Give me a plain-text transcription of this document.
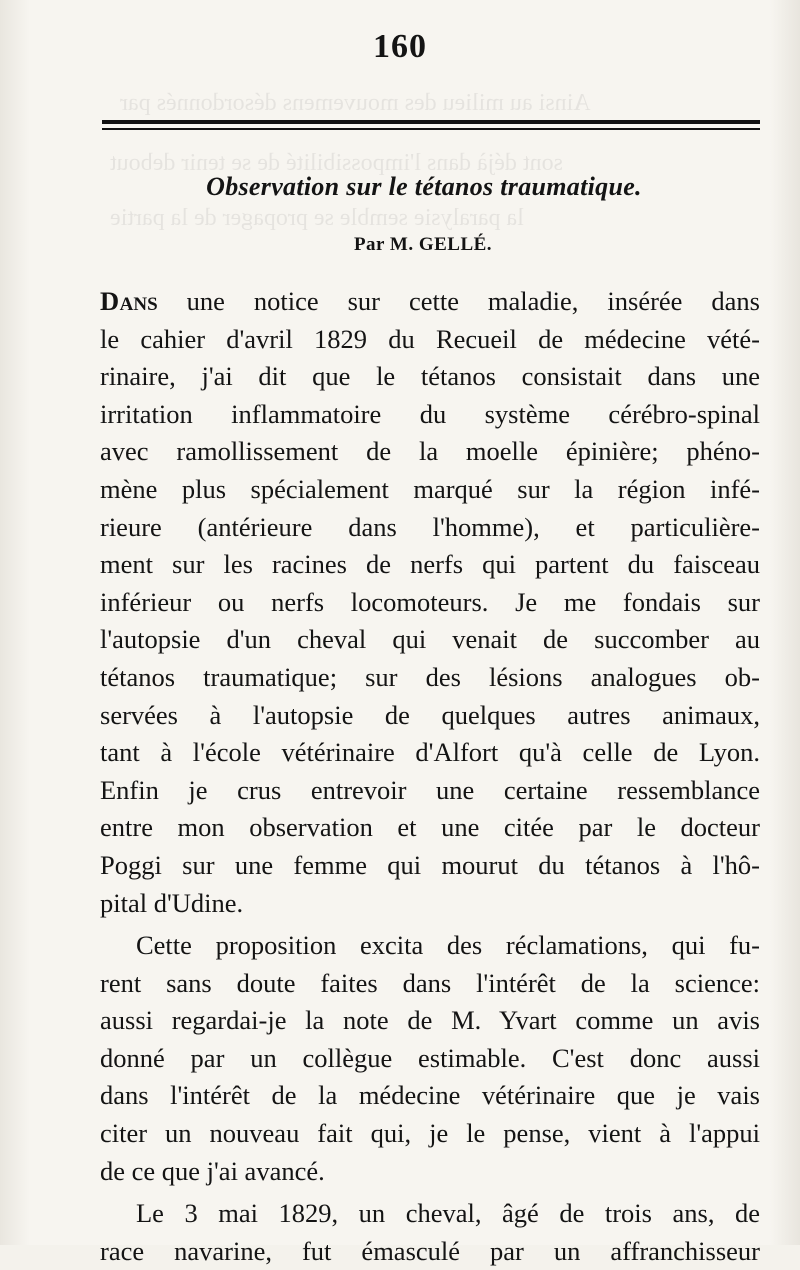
Ainsi au milieu des mouvemens désordonnés par
sont déjà dans l'impossibilité de se tenir debout
la paralysie semble se propager de la partie
160
Observation sur le tétanos traumatique.
Par M. GELLÉ.
DANS une notice sur cette maladie, insérée dans
le cahier d'avril 1829 du Recueil de médecine vété-
rinaire, j'ai dit que le tétanos consistait dans une
irritation inflammatoire du système cérébro-spinal
avec ramollissement de la moelle épinière; phéno-
mène plus spécialement marqué sur la région infé-
rieure (antérieure dans l'homme), et particulière-
ment sur les racines de nerfs qui partent du faisceau
inférieur ou nerfs locomoteurs. Je me fondais sur
l'autopsie d'un cheval qui venait de succomber au
tétanos traumatique; sur des lésions analogues ob-
servées à l'autopsie de quelques autres animaux,
tant à l'école vétérinaire d'Alfort qu'à celle de Lyon.
Enfin je crus entrevoir une certaine ressemblance
entre mon observation et une citée par le docteur
Poggi sur une femme qui mourut du tétanos à l'hô-
pital d'Udine.
Cette proposition excita des réclamations, qui fu-
rent sans doute faites dans l'intérêt de la science:
aussi regardai-je la note de M. Yvart comme un avis
donné par un collègue estimable. C'est donc aussi
dans l'intérêt de la médecine vétérinaire que je vais
citer un nouveau fait qui, je le pense, vient à l'appui
de ce que j'ai avancé.
Le 3 mai 1829, un cheval, âgé de trois ans, de
race navarine, fut émasculé par un affranchisseur
